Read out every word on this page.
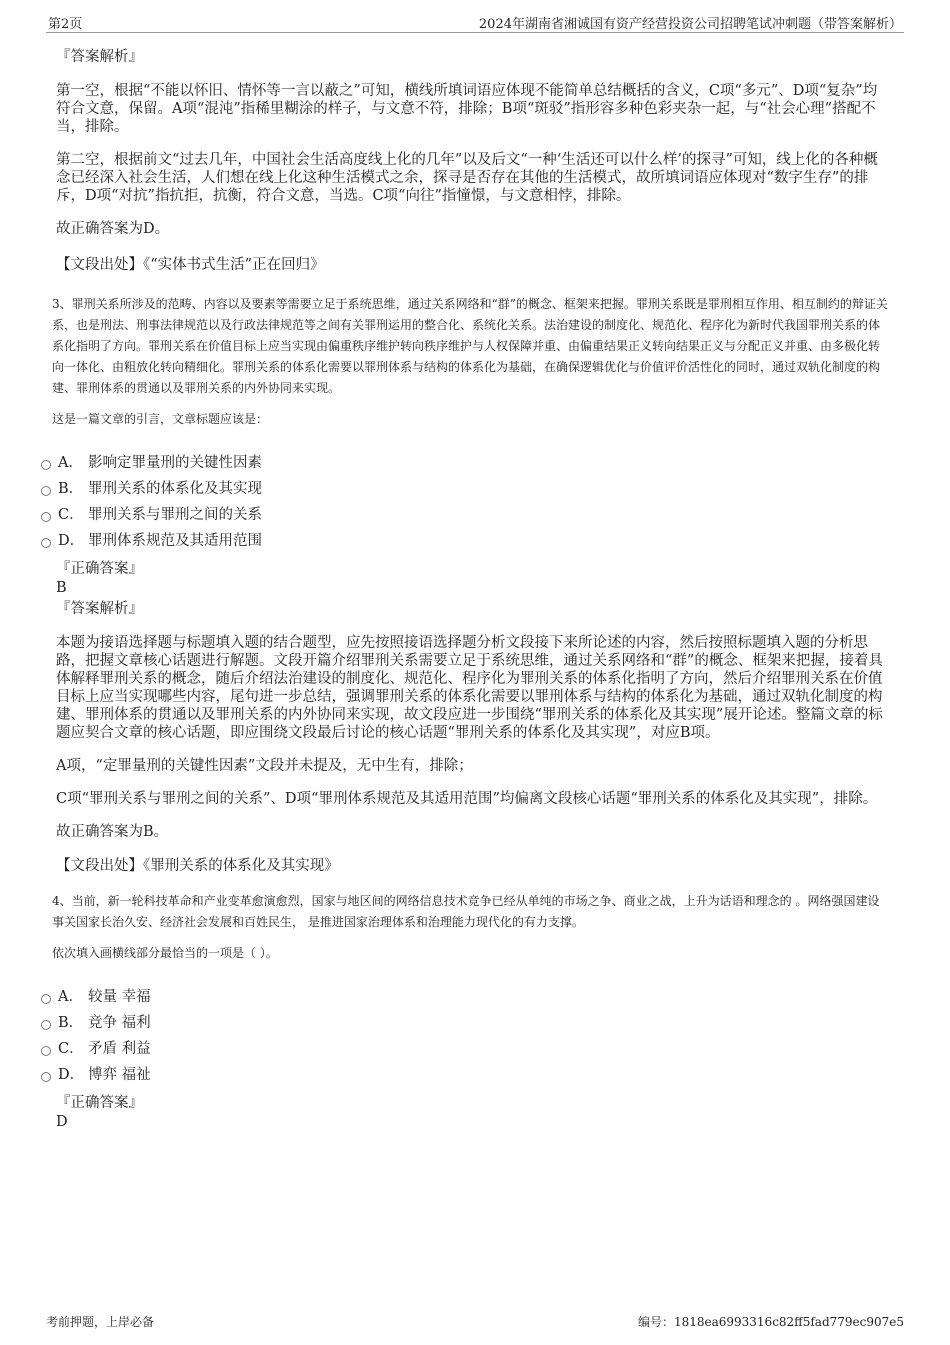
第2页	2024年湖南省湘诚国有资产经营投资公司招聘笔试冲刺题（带答案解析）

『答案解析』

第一空，根据“不能以怀旧、情怀等一言以蔽之”可知，横线所填词语应体现不能简单总结概括的含义，C项“多元”、D项“复杂”均符合文意，保留。A项“混沌”指稀里糊涂的样子，与文意不符，排除；B项“斑驳”指形容多种色彩夹杂一起，与“社会心理”搭配不当，排除。

第二空，根据前文“过去几年，中国社会生活高度线上化的几年”以及后文“一种‘生活还可以什么样’的探寻”可知，线上化的各种概念已经深入社会生活，人们想在线上化这种生活模式之余，探寻是否存在其他的生活模式，故所填词语应体现对“数字生存”的排斥，D项“对抗”指抗拒，抗衡，符合文意，当选。C项“向往”指憧憬，与文意相悖，排除。

故正确答案为D。

【文段出处】《“实体书式生活”正在回归》

3、罪刑关系所涉及的范畴、内容以及要素等需要立足于系统思维，通过关系网络和“群”的概念、框架来把握。罪刑关系既是罪刑相互作用、相互制约的辩证关系，也是刑法、刑事法律规范以及行政法律规范等之间有关罪刑运用的整合化、系统化关系。法治建设的制度化、规范化、程序化为新时代我国罪刑关系的体系化指明了方向。罪刑关系在价值目标上应当实现由偏重秩序维护转向秩序维护与人权保障并重、由偏重结果正义转向结果正义与分配正义并重、由多极化转向一体化、由粗放化转向精细化。罪刑关系的体系化需要以罪刑体系与结构的体系化为基础，在确保逻辑优化与价值评价活性化的同时，通过双轨化制度的构建、罪刑体系的贯通以及罪刑关系的内外协同来实现。

这是一篇文章的引言，文章标题应该是：

A． 影响定罪量刑的关键性因素
B． 罪刑关系的体系化及其实现
C． 罪刑关系与罪刑之间的关系
D． 罪刑体系规范及其适用范围

『正确答案』

B

『答案解析』

本题为接语选择题与标题填入题的结合题型，应先按照接语选择题分析文段接下来所论述的内容，然后按照标题填入题的分析思路，把握文章核心话题进行解题。文段开篇介绍罪刑关系需要立足于系统思维，通过关系网络和“群”的概念、框架来把握，接着具体解释罪刑关系的概念，随后介绍法治建设的制度化、规范化、程序化为罪刑关系的体系化指明了方向，然后介绍罪刑关系在价值目标上应当实现哪些内容，尾句进一步总结，强调罪刑关系的体系化需要以罪刑体系与结构的体系化为基础，通过双轨化制度的构建、罪刑体系的贯通以及罪刑关系的内外协同来实现，故文段应进一步围绕“罪刑关系的体系化及其实现”展开论述。整篇文章的标题应契合文章的核心话题，即应围绕文段最后讨论的核心话题“罪刑关系的体系化及其实现”，对应B项。

A项，“定罪量刑的关键性因素”文段并未提及，无中生有，排除；

C项“罪刑关系与罪刑之间的关系”、D项“罪刑体系规范及其适用范围”均偏离文段核心话题“罪刑关系的体系化及其实现”，排除。

故正确答案为B。

【文段出处】《罪刑关系的体系化及其实现》

4、当前，新一轮科技革命和产业变革愈演愈烈，国家与地区间的网络信息技术竞争已经从单纯的市场之争、商业之战，上升为话语和理念的 。网络强国建设事关国家长治久安、经济社会发展和百姓民生， 是推进国家治理体系和治理能力现代化的有力支撑。

依次填入画横线部分最恰当的一项是（ ）。

A． 较量 幸福
B． 竞争 福利
C． 矛盾 利益
D． 博弈 福祉

『正确答案』

D

考前押题，上岸必备	编号：1818ea6993316c82ff5fad779ec907e5
